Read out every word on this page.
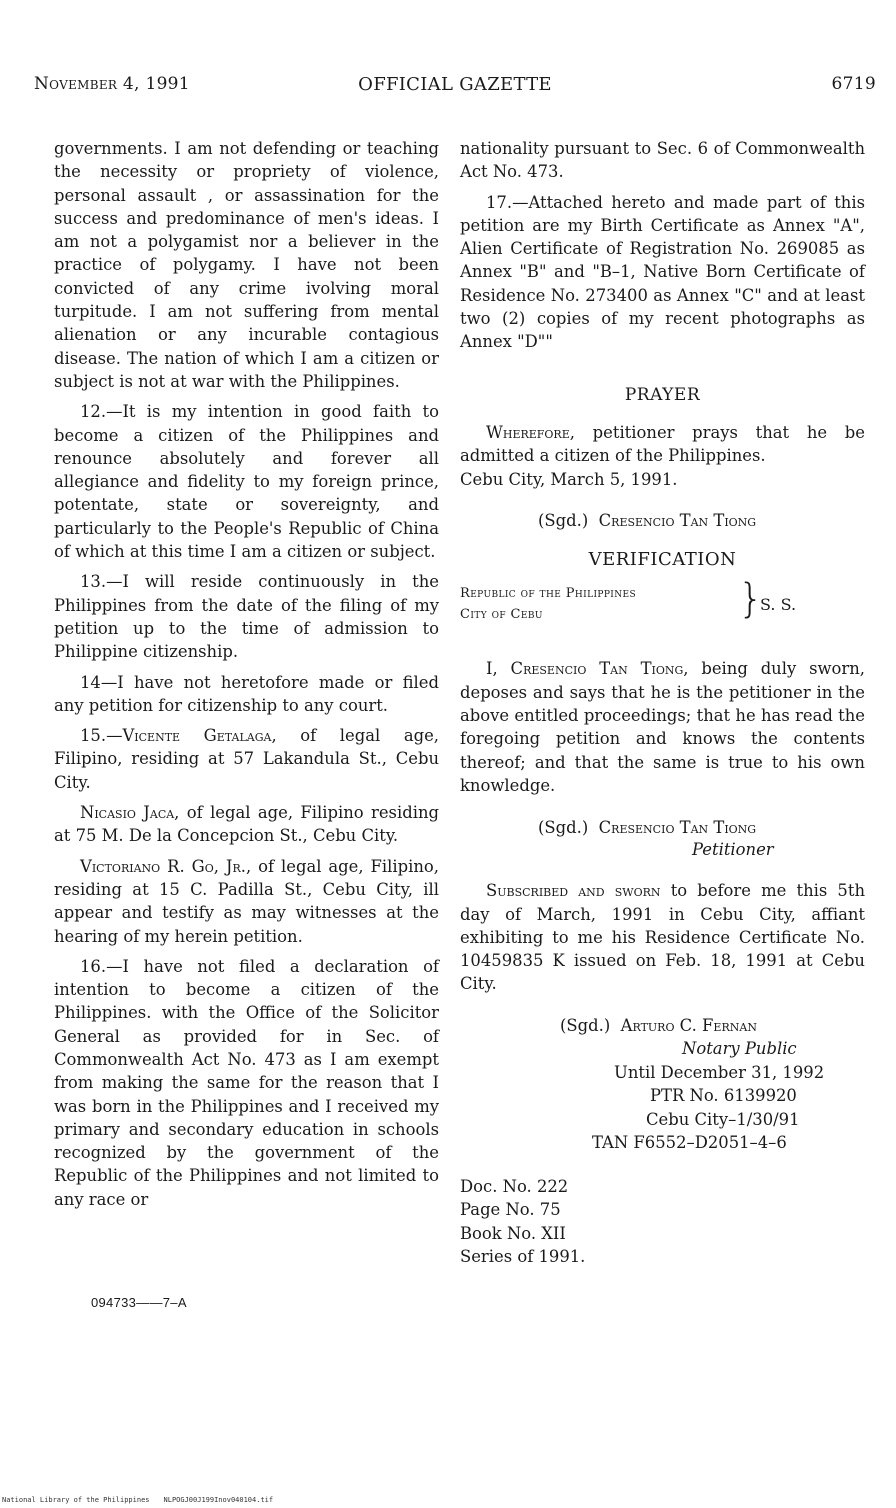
November 4, 1991	OFFICIAL GAZETTE	6719

governments. I am not defending or teaching the necessity or propriety of violence, personal assault , or assassination for the success and predominance of men's ideas. I am not a polygamist nor a believer in the practice of polygamy. I have not been convicted of any crime ivolving moral turpitude. I am not suffering from mental alienation or any incurable contagious disease. The nation of which I am a citizen or subject is not at war with the Philippines.

12.—It is my intention in good faith to become a citizen of the Philippines and renounce absolutely and forever all allegiance and fidelity to my foreign prince, potentate, state or sovereignty, and particularly to the People's Republic of China of which at this time I am a citizen or subject.

13.—I will reside continuously in the Philippines from the date of the filing of my petition up to the time of admission to Philippine citizenship.

14—I have not heretofore made or filed any petition for citizenship to any court.

15.—Vicente Getalaga, of legal age, Filipino, residing at 57 Lakandula St., Cebu City.

Nicasio Jaca, of legal age, Filipino residing at 75 M. De la Concepcion St., Cebu City.

Victoriano R. Go, Jr., of legal age, Filipino, residing at 15 C. Padilla St., Cebu City, ill appear and testify as may witnesses at the hearing of my herein petition.

16.—I have not filed a declaration of intention to become a citizen of the Philippines. with the Office of the Solicitor General as provided for in Sec. of Commonwealth Act No. 473 as I am exempt from making the same for the reason that I was born in the Philippines and I received my primary and secondary education in schools recognized by the government of the Republic of the Philippines and not limited to any race or

094733——7–A

nationality pursuant to Sec. 6 of Commonwealth Act No. 473.

17.—Attached hereto and made part of this petition are my Birth Certificate as Annex "A", Alien Certificate of Registration No. 269085 as Annex "B" and "B–1, Native Born Certificate of Residence No. 273400 as Annex "C" and at least two (2) copies of my recent photographs as Annex "D""

PRAYER

Wherefore, petitioner prays that he be admitted a citizen of the Philippines.
Cebu City, March 5, 1991.

(Sgd.) Cresencio Tan Tiong

VERIFICATION

Republic of the Philippines
City of Cebu	}
S. S.

I, Cresencio Tan Tiong, being duly sworn, deposes and says that he is the petitioner in the above entitled proceedings; that he has read the foregoing petition and knows the contents thereof; and that the same is true to his own knowledge.

(Sgd.) Cresencio Tan Tiong
Petitioner

Subscribed and sworn to before me this 5th day of March, 1991 in Cebu City, affiant exhibiting to me his Residence Certificate No. 10459835 K issued on Feb. 18, 1991 at Cebu City.

(Sgd.) Arturo C. Fernan
Notary Public
Until December 31, 1992
PTR No. 6139920
Cebu City–1/30/91
TAN F6552–D2051–4–6

Doc. No. 222
Page No. 75
Book No. XII
Series of 1991.

National Library of the Philippines NLPOGJ00J199Inov040104.tif
